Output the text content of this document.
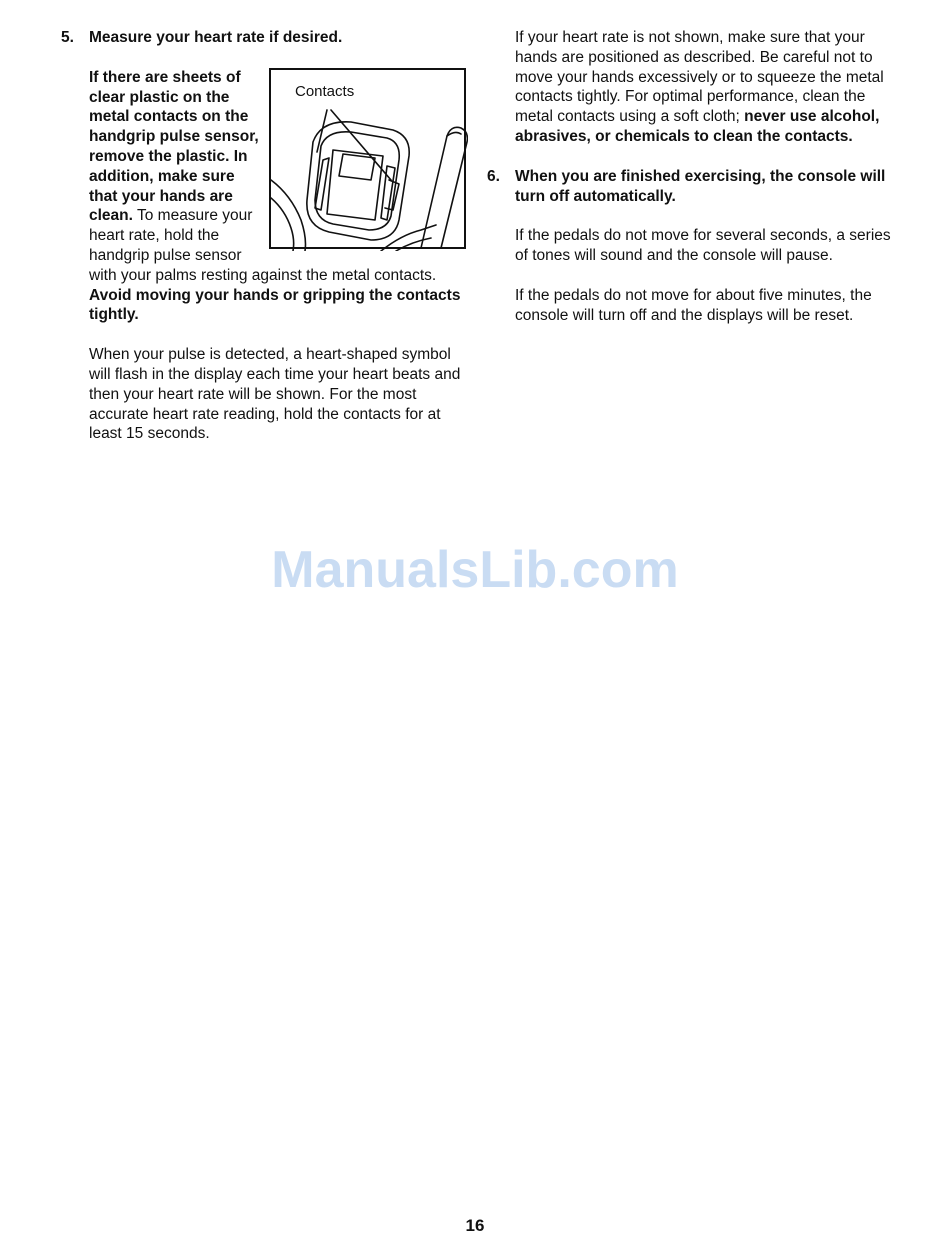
5. Measure your heart rate if desired.

Contacts

If there are sheets of clear plastic on the metal contacts on the handgrip pulse sensor, remove the plastic. In addition, make sure that your hands are clean. To measure your heart rate, hold the handgrip pulse sensor with your palms resting against the metal contacts. Avoid moving your hands or gripping the contacts tightly.

When your pulse is detected, a heart-shaped symbol will flash in the display each time your heart beats and then your heart rate will be shown. For the most accurate heart rate reading, hold the contacts for at least 15 seconds.

If your heart rate is not shown, make sure that your hands are positioned as described. Be careful not to move your hands excessively or to squeeze the metal contacts tightly. For optimal performance, clean the metal contacts using a soft cloth; never use alcohol, abrasives, or chemicals to clean the contacts.

6. When you are finished exercising, the console will turn off automatically.

If the pedals do not move for several seconds, a series of tones will sound and the console will pause.

If the pedals do not move for about five minutes, the console will turn off and the displays will be reset.

ManualsLib.com
16
